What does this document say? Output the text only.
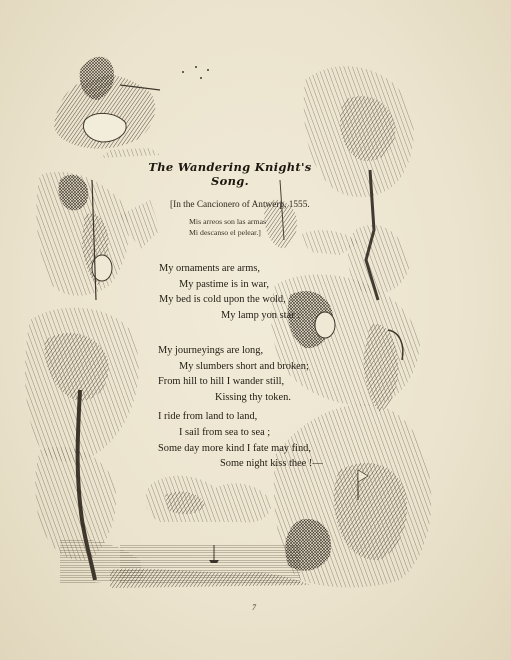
The Wandering Knight's Song.
[In the Cancionero of Antwerp, 1555.
Mis arreos son las armas
Mi descanso el pelear.]
My ornaments are arms,
My pastime is in war,
My bed is cold upon the wold,
My lamp yon star :
My journeyings are long,
My slumbers short and broken;
From hill to hill I wander still,
Kissing thy token.
I ride from land to land,
I sail from sea to sea ;
Some day more kind I fate may find,
Some night kiss thee !—
7
